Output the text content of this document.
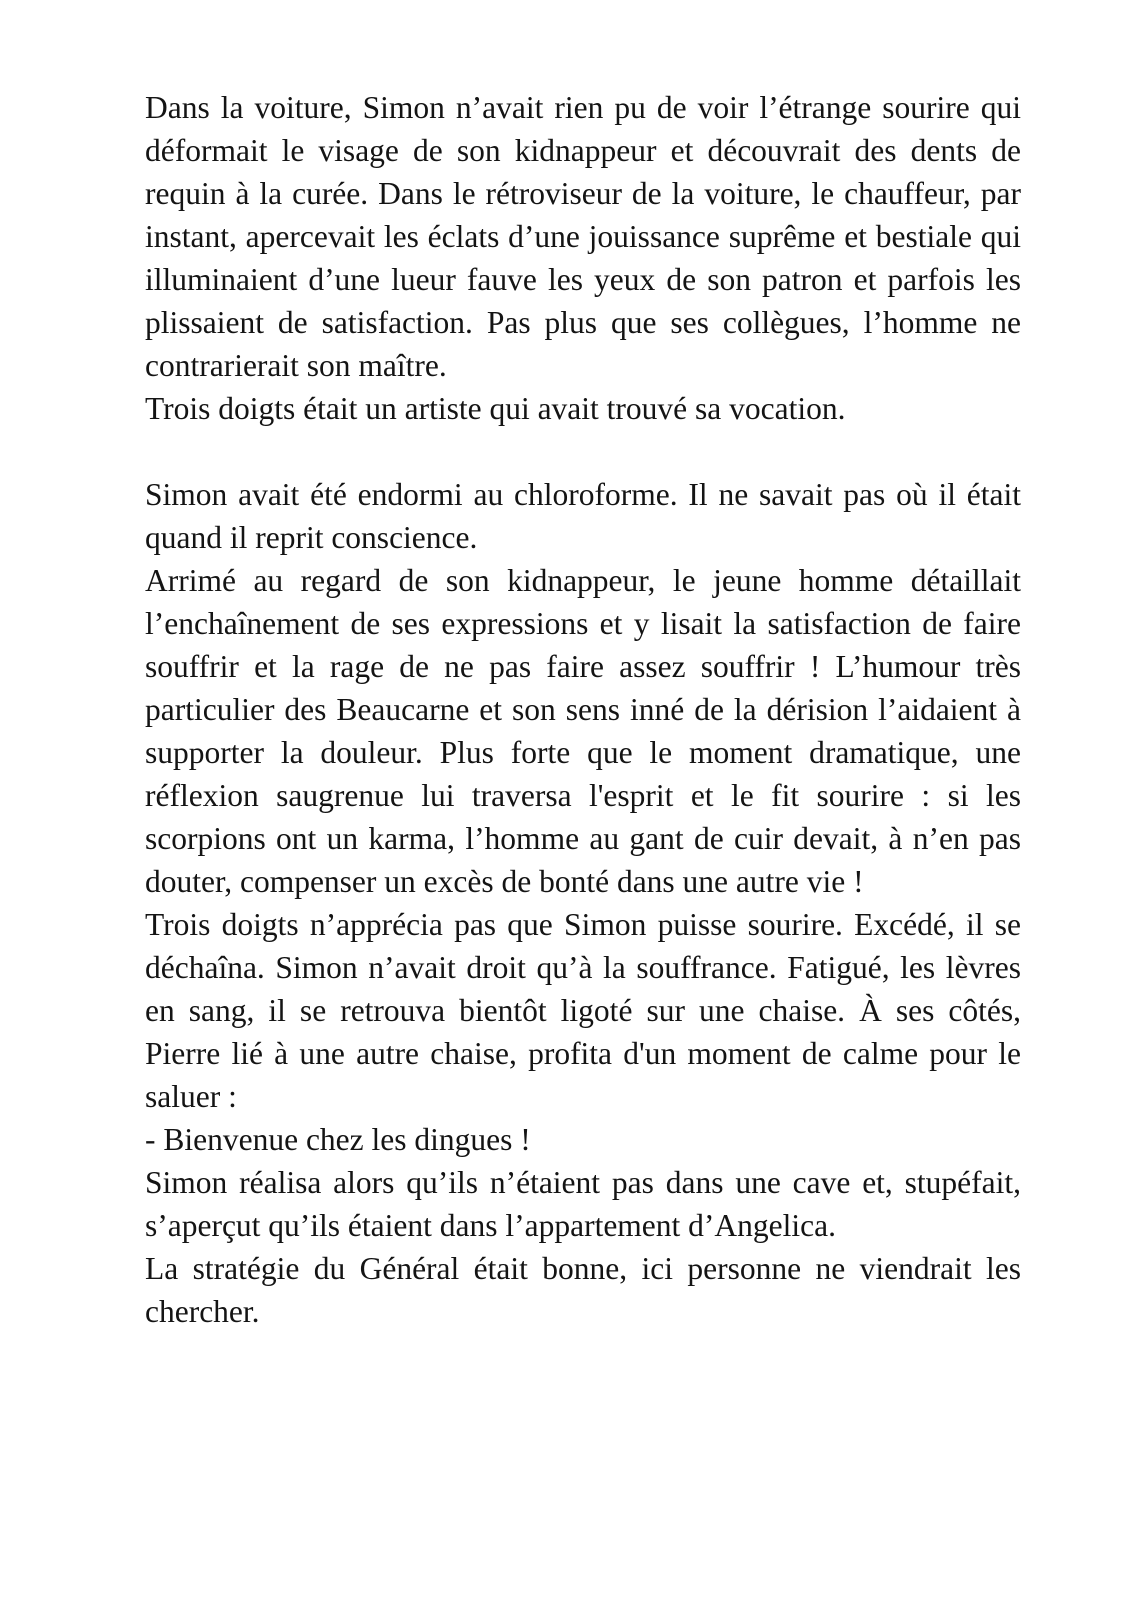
Dans la voiture, Simon n’avait rien pu de voir l’étrange sourire qui déformait le visage de son kidnappeur et découvrait des dents de requin à la curée. Dans le rétroviseur de la voiture, le chauffeur, par instant, apercevait les éclats d’une jouissance suprême et bestiale qui illuminaient d’une lueur fauve les yeux de son patron et parfois les plissaient de satisfaction. Pas plus que ses collègues, l’homme ne contrarierait son maître.

Trois doigts était un artiste qui avait trouvé sa vocation.

Simon avait été endormi au chloroforme. Il ne savait pas où il était quand il reprit conscience.

Arrimé au regard de son kidnappeur, le jeune homme détaillait l’enchaînement de ses expressions et y lisait la satisfaction de faire souffrir et la rage de ne pas faire assez souffrir ! L’humour très particulier des Beaucarne et son sens inné de la dérision l’aidaient à supporter la douleur. Plus forte que le moment dramatique, une réflexion saugrenue lui traversa l'esprit et le fit sourire : si les scorpions ont un karma, l’homme au gant de cuir devait, à n’en pas douter, compenser un excès de bonté dans une autre vie !

Trois doigts n’apprécia pas que Simon puisse sourire. Excédé, il se déchaîna. Simon n’avait droit qu’à la souffrance. Fatigué, les lèvres en sang, il se retrouva bientôt ligoté sur une chaise. À ses côtés, Pierre lié à une autre chaise, profita d'un moment de calme pour le saluer :

- Bienvenue chez les dingues !

Simon réalisa alors qu’ils n’étaient pas dans une cave et, stupéfait, s’aperçut qu’ils étaient dans l’appartement d’Angelica.

La stratégie du Général était bonne, ici personne ne viendrait les chercher.
